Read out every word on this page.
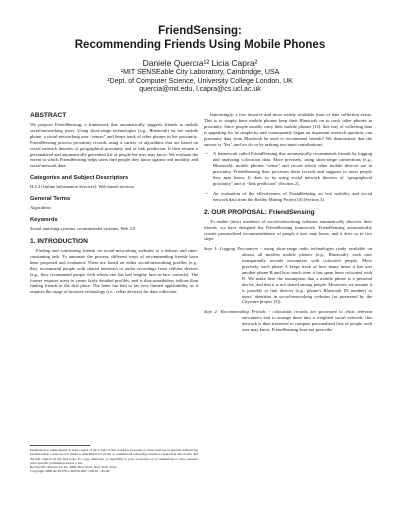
FriendSensing:
Recommending Friends Using Mobile Phones
Daniele Quercia¹² Licia Capra²
¹MIT SENSEable City Laboratory, Cambridge, USA
²Dept. of Computer Science, University College London, UK
quercia@mit.edu, l.capra@cs.ucl.ac.uk
ABSTRACT

We propose FriendSensing, a framework that automatically suggests friends to mobile social-networking users. Using short-range technologies (e.g., Bluetooth) on her mobile phone, a social-networking user “senses” and keeps track of other phones in her proximity. FriendSensing process proximity records using a variety of algorithms that are based on social network theories of geographical proximity and of link prediction. It then returns a personalized and automatically generated list of people the user may know. We evaluate the extent to which FriendSensing helps users find people they know against real mobility and social network data.

Categories and Subject Descriptors

H.3.3 [Online Information Services]: Web-based services

General Terms

Algorithms

Keywords

Social matching systems; recommender systems; Web 2.0

1. INTRODUCTION

Finding and confirming friends on social-networking websites is a tedious and time-consuming task. To automate the process, different ways of recommending friends have been proposed and evaluated. These are based on either social-networking profiles (e.g., they recommend people with shared interests) or audio recordings from cellular devices (e.g., they recommend people with whom one has had lengthy face-to-face contacts). The former requires users to create fairly detailed profiles, and is thus nonetheless tedious than finding friends in the first place. The latter has had so far very limited applicability, as it requires the usage of invasive technology (i.e., cellar devices) for data collection.

Permission to make digital or hard copies of all or part of this work for personal or classroom use is granted without fee provided that copies are not made or distributed for profit or commercial advantage and that copies bear this notice and the full citation on the first page. To copy otherwise, to republish, to post on servers or to redistribute to lists, requires prior specific permission and/or a fee.

RecSys'08, October 23–25, 2008, New York, New York, USA.

Copyright 2008 ACM 978-1-60558-093-7/08/10 ...$5.00.

Interestingly, a few invasive and more widely available form of data collection exists. This is to simply have mobile phones keep their Bluetooth on to track other phones in proximity. Since people usually carry their mobile phones [12], this way of collecting data is appealing for its simplicity and consequently began an important research question: can proximity data from Bluetooth be used to recommend friends? We demonstrate that the answer is ‘Yes’, and we do so by making two main contributions:

• A framework called FriendSensing that automatically recommends friends by logging and analyzing colocation data. More precisely, using short-range connections (e.g., Bluetooth), mobile phones “sense” and record which other mobile devices are in proximity. FriendSensing then processes these records and suggests to users people they may know. It does so by using social network theories of “geographical proximity” and of “link prediction” (Section 2).
• An evaluation of the effectiveness of FriendSensing on real mobility and social network data from the Reality Mining Project [4] (Section 3).
2. OUR PROPOSAL: FriendSensing

To enable (new) members of social-networking websites automatically discover their friends, we have designed the FriendSensing framework. FriendSensing automatically creates personalized recommendations of people a user may know, and it does so in two steps:

Step 1. Logging Encounters - using short-range radio technologies ready available on almost all modern mobile phones (e.g., Bluetooth), each user transparently records encounters with colocated people. More precisely, each phone A keeps track of how many times it has met another phone B and how much time it has spent been colocated with B. We make here the assumption that a mobile phone is a personal device, and that it is not shared among people. Moreover, we assume it is possible to link devices (e.g., phone’s Bluetooth ID number) to users’ identities in social-networking websites (as pioneered by the Cityware project [5]).

Step 2. Recommending Friends - colocation records are processed to elicit relevant encounters and to arrange them into a weighted social network; this network is then traversed to compute personalized lists of people each user may know. FriendSensing does not prescribe
